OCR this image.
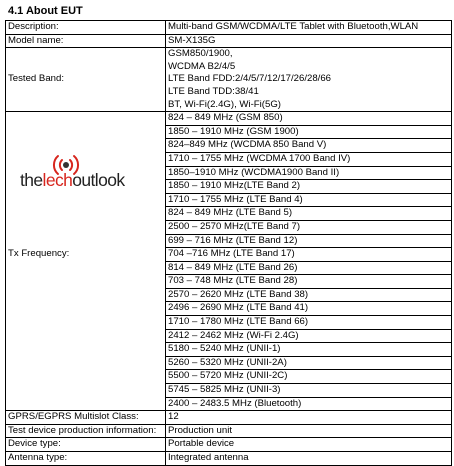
4.1 About EUT
Description:	Multi-band GSM/WCDMA/LTE Tablet with Bluetooth,WLAN
Model name:	SM-X135G
Tested Band:	GSM850/1900,
WCDMA B2/4/5
LTE Band FDD:2/4/5/7/12/17/26/28/66
LTE Band TDD:38/41
BT, Wi-Fi(2.4G), Wi-Fi(5G)

thelechoutlook
Tx Frequency:	824 – 849 MHz (GSM 850)
	1850 – 1910 MHz (GSM 1900)
	824–849 MHz (WCDMA 850 Band V)
	1710 – 1755 MHz (WCDMA 1700 Band IV)
	1850–1910 MHz (WCDMA1900 Band II)
	1850 – 1910 MHz(LTE Band 2)
	1710 – 1755 MHz (LTE Band 4)
	824 – 849 MHz (LTE Band 5)
	2500 – 2570 MHz(LTE Band 7)
	699 – 716 MHz (LTE Band 12)
	704 –716 MHz (LTE Band 17)
	814 – 849 MHz (LTE Band 26)
	703 – 748 MHz (LTE Band 28)
	2570 – 2620 MHz (LTE Band 38)
	2496 – 2690 MHz (LTE Band 41)
	1710 – 1780 MHz (LTE Band 66)
	2412 – 2462 MHz (Wi-Fi 2.4G)
	5180 – 5240 MHz (UNII-1)
	5260 – 5320 MHz (UNII-2A)
	5500 – 5720 MHz (UNII-2C)
	5745 – 5825 MHz (UNII-3)
	2400 – 2483.5 MHz (Bluetooth)
GPRS/EGPRS Multislot Class:	12
Test device production information:	Production unit
Device type:	Portable device
Antenna type:	Integrated antenna
